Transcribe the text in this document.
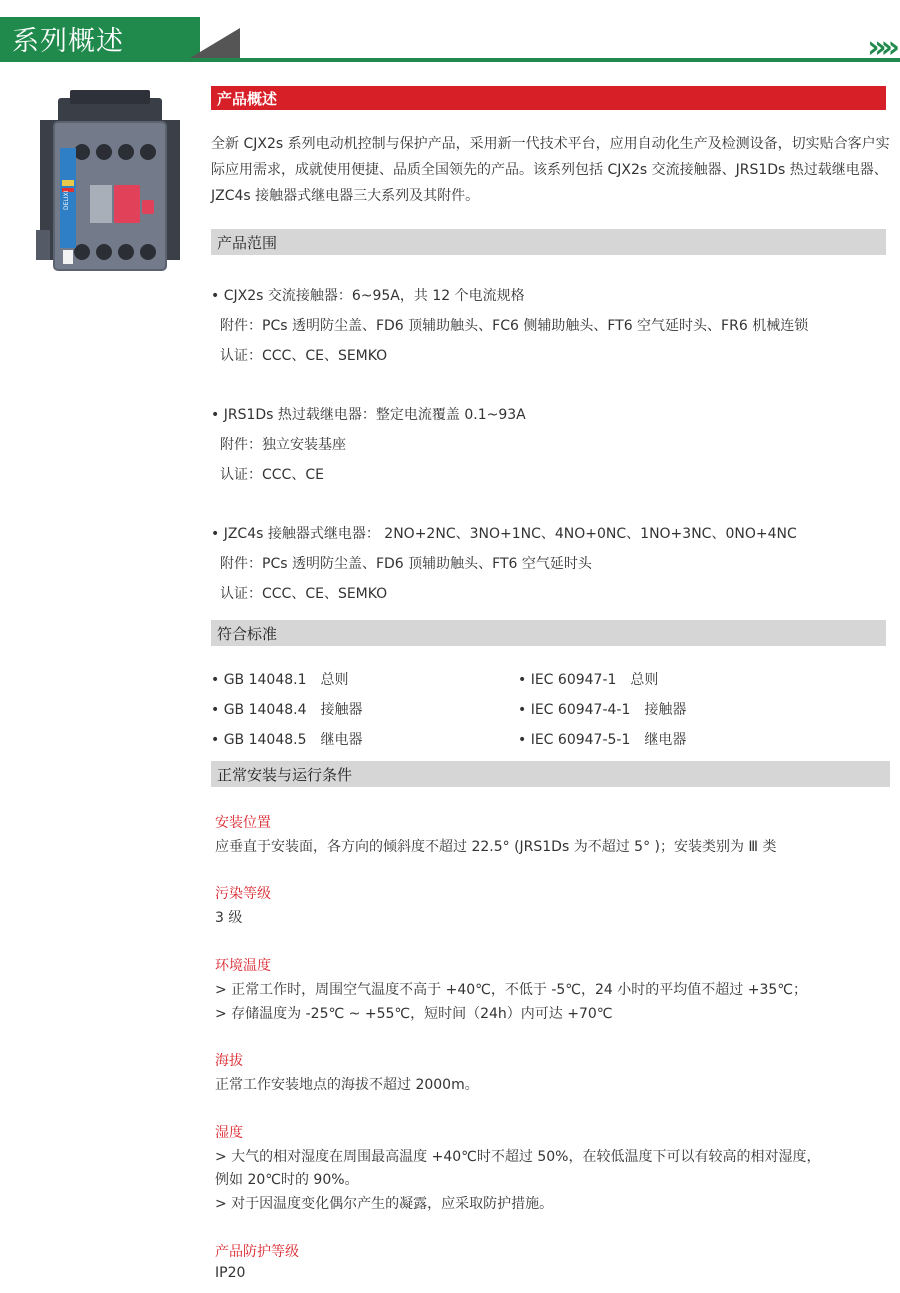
系列概述	»»
DELIXI
产品概述
全新 CJX2s 系列电动机控制与保护产品，采用新一代技术平台，应用自动化生产及检测设备，切实贴合客户实际应用需求，成就使用便捷、品质全国领先的产品。该系列包括 CJX2s 交流接触器、JRS1Ds 热过载继电器、JZC4s 接触器式继电器三大系列及其附件。
产品范围
• CJX2s 交流接触器：6~95A，共 12 个电流规格
附件：PCs 透明防尘盖、FD6 顶辅助触头、FC6 侧辅助触头、FT6 空气延时头、FR6 机械连锁
认证：CCC、CE、SEMKO
• JRS1Ds 热过载继电器：整定电流覆盖 0.1~93A
附件：独立安装基座
认证：CCC、CE
• JZC4s 接触器式继电器： 2NO+2NC、3NO+1NC、4NO+0NC、1NO+3NC、0NO+4NC
附件：PCs 透明防尘盖、FD6 顶辅助触头、FT6 空气延时头
认证：CCC、CE、SEMKO
符合标准
• GB 14048.1　总则
• GB 14048.4　接触器
• GB 14048.5　继电器
• IEC 60947-1　总则
• IEC 60947-4-1　接触器
• IEC 60947-5-1　继电器
正常安装与运行条件
安装位置
应垂直于安装面，各方向的倾斜度不超过 22.5° (JRS1Ds 为不超过 5° )；安装类别为 Ⅲ 类
污染等级
3 级
环境温度
> 正常工作时，周围空气温度不高于 +40℃，不低于 -5℃，24 小时的平均值不超过 +35℃；
> 存储温度为 -25℃ ~ +55℃，短时间（24h）内可达 +70℃
海拔
正常工作安装地点的海拔不超过 2000m。
湿度
> 大气的相对湿度在周围最高温度 +40℃时不超过 50%，在较低温度下可以有较高的相对湿度，
例如 20℃时的 90%。
> 对于因温度变化偶尔产生的凝露，应采取防护措施。
产品防护等级
IP20
